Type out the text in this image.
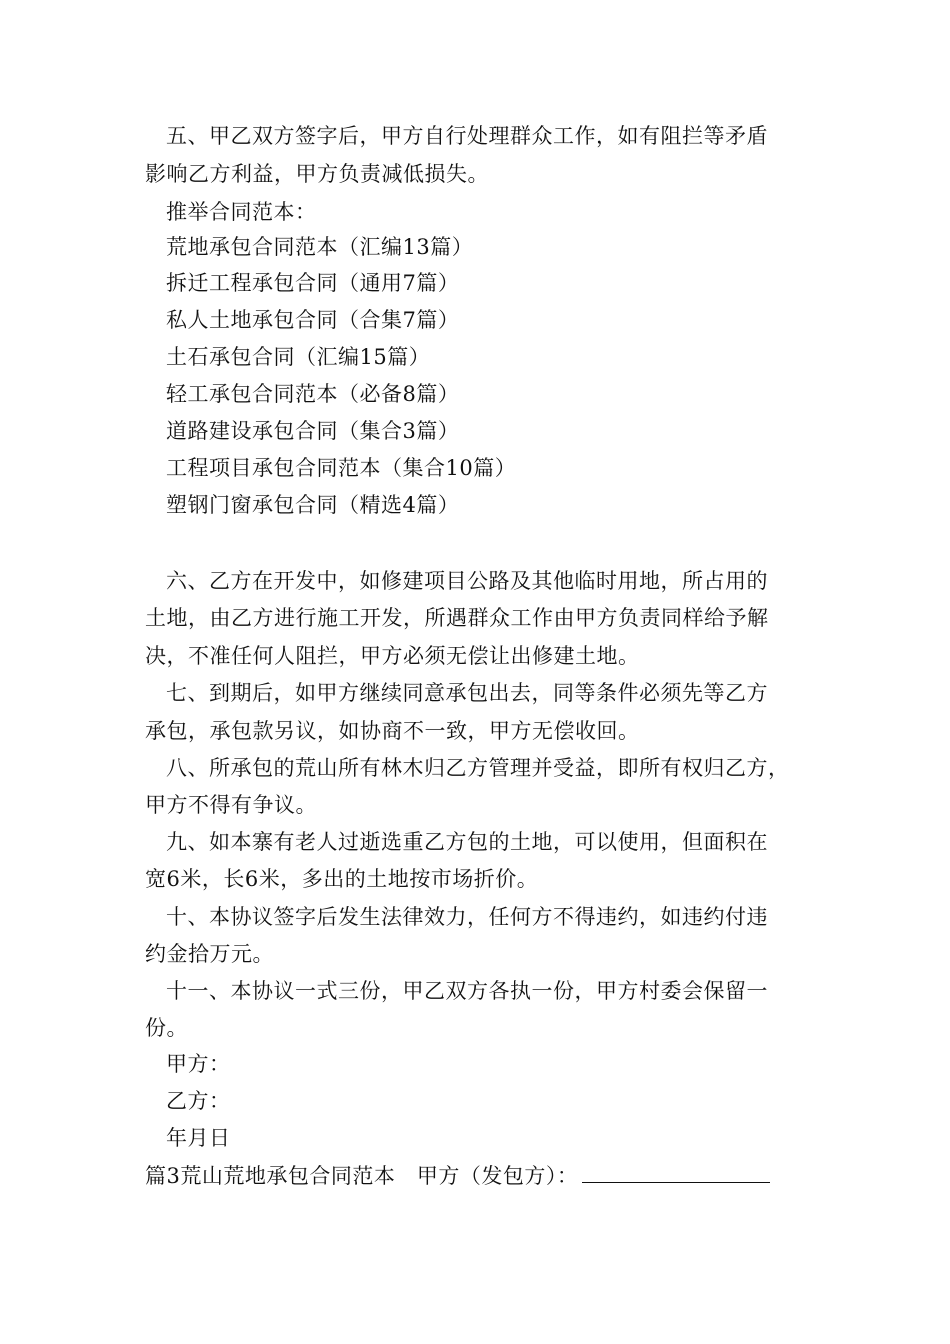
五、甲乙双方签字后，甲方自行处理群众工作，如有阻拦等矛盾
影响乙方利益，甲方负责减低损失。
推举合同范本：
荒地承包合同范本（汇编13篇）
拆迁工程承包合同（通用7篇）
私人土地承包合同（合集7篇）
土石承包合同（汇编15篇）
轻工承包合同范本（必备8篇）
道路建设承包合同（集合3篇）
工程项目承包合同范本（集合10篇）
塑钢门窗承包合同（精选4篇）
六、乙方在开发中，如修建项目公路及其他临时用地，所占用的
土地，由乙方进行施工开发，所遇群众工作由甲方负责同样给予解
决，不准任何人阻拦，甲方必须无偿让出修建土地。
七、到期后，如甲方继续同意承包出去，同等条件必须先等乙方
承包，承包款另议，如协商不一致，甲方无偿收回。
八、所承包的荒山所有林木归乙方管理并受益，即所有权归乙方，
甲方不得有争议。
九、如本寨有老人过逝选重乙方包的土地，可以使用，但面积在
宽6米，长6米，多出的土地按市场折价。
十、本协议签字后发生法律效力，任何方不得违约，如违约付违
约金拾万元。
十一、本协议一式三份，甲乙双方各执一份，甲方村委会保留一
份。
甲方：
乙方：
年月日
篇3荒山荒地承包合同范本　甲方（发包方）：
